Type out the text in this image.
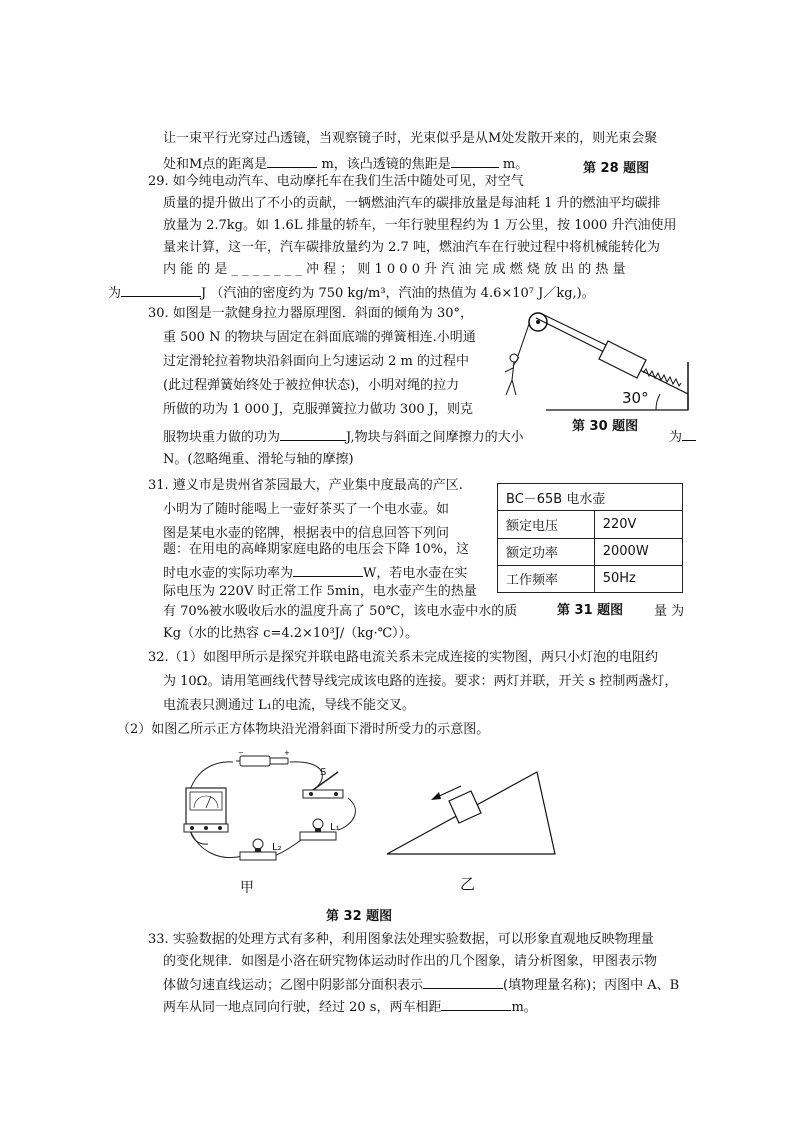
让一束平行光穿过凸透镜，当观察镜子时，光束似乎是从M处发散开来的，则光束会聚
处和M点的距离是	m，该凸透镜的焦距是	m。	第 28 题图
29. 如今纯电动汽车、电动摩托车在我们生活中随处可见，对空气
质量的提升做出了不小的贡献，一辆燃油汽车的碳排放量是每油耗 1 升的燃油平均碳排
放量为 2.7kg。如 1.6L 排量的轿车，一年行驶里程约为 1 万公里，按 1000 升汽油使用
量来计算，这一年，汽车碳排放量约为 2.7 吨，燃油汽车在行驶过程中将机械能转化为
内 能 的 是 _ _ _ _ _ _ _ 冲 程 ； 则 1 0 0 0 升 汽 油 完 成 燃 烧 放 出 的 热 量
为	J （汽油的密度约为 750 kg/m³，汽油的热值为 4.6×10⁷ J／kg,)。
30. 如图是一款健身拉力器原理图．斜面的倾角为 30°，
重 500 N 的物块与固定在斜面底端的弹簧相连.小明通
过定滑轮拉着物块沿斜面向上匀速运动 2 m 的过程中
(此过程弹簧始终处于被拉伸状态)，小明对绳的拉力
所做的功为 1 000 J，克服弹簧拉力做功 300 J，则克
服物块重力做的功为	J,物块与斜面之间摩擦力的大小	为
N。(忽略绳重、滑轮与轴的摩擦)
30°
第 30 题图
31. 遵义市是贵州省茶园最大，产业集中度最高的产区.
小明为了随时能喝上一壶好茶买了一个电水壶。如
图是某电水壶的铭牌，根据表中的信息回答下列问
题：在用电的高峰期家庭电路的电压会下降 10%，这
时电水壶的实际功率为	W，若电水壶在实
际电压为 220V 时正常工作 5min，电水壶产生的热量
有 70%被水吸收后水的温度升高了 50℃，该电水壶中水的质	量 为
Kg（水的比热容 c=4.2×10³J/（kg·℃））。
BC－65B 电水壶	
额定电压	220V
额定功率	2000W
工作频率	50Hz
第 31 题图
32.（1）如图甲所示是探究并联电路电流关系未完成连接的实物图，两只小灯泡的电阻约
为 10Ω。请用笔画线代替导线完成该电路的连接。要求：两灯并联，开关 s 控制两盏灯，
电流表只测通过 L₁的电流，导线不能交叉。
（2）如图乙所示正方体物块沿光滑斜面下滑时所受力的示意图。
−	+
S
L₁
L₂
甲	乙
第 32 题图
33. 实验数据的处理方式有多种，利用图象法处理实验数据，可以形象直观地反映物理量
的变化规律．如图是小洛在研究物体运动时作出的几个图象，请分析图象，甲图表示物
体做匀速直线运动；乙图中阴影部分面积表示	(填物理量名称)；丙图中 A、B
两车从同一地点同向行驶，经过 20 s，两车相距	m。
